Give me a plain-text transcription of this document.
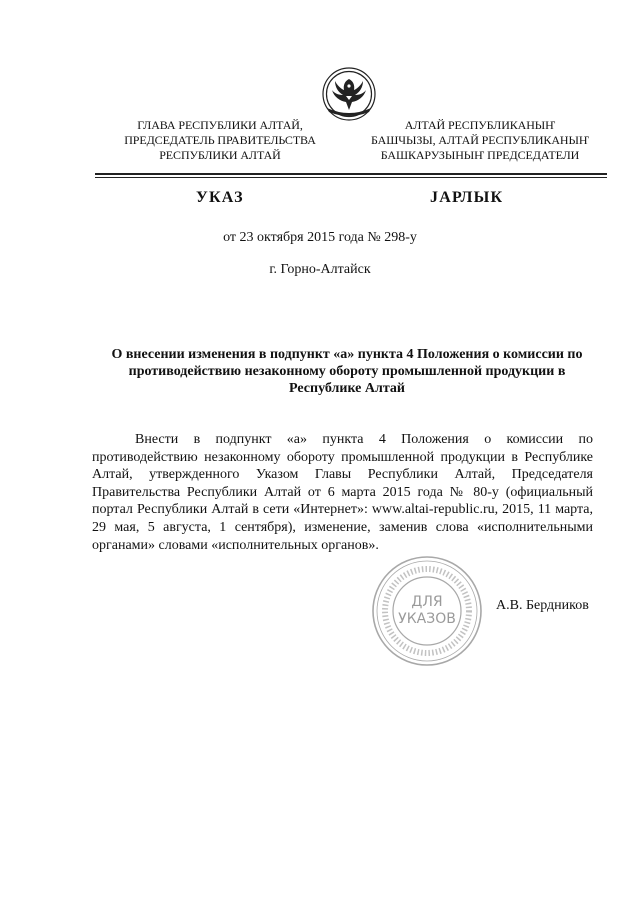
ГЛАВА РЕСПУБЛИКИ АЛТАЙ,
ПРЕДСЕДАТЕЛЬ ПРАВИТЕЛЬСТВА
РЕСПУБЛИКИ АЛТАЙ
АЛТАЙ РЕСПУБЛИКАНЫҤ
БАШЧЫЗЫ, АЛТАЙ РЕСПУБЛИКАНЫҤ
БАШКАРУЗЫНЫҤ ПРЕДСЕДАТЕЛИ
УКАЗ	JАРЛЫК
от 23 октября 2015 года № 298-у
г. Горно-Алтайск
О внесении изменения в подпункт «а» пункта 4 Положения о комиссии по противодействию незаконному обороту промышленной продукции в Республике Алтай

Внести в подпункт «а» пункта 4 Положения о комиссии по противодействию незаконному обороту промышленной продукции в Республике Алтай, утвержденного Указом Главы Республики Алтай, Председателя Правительства Республики Алтай от 6 марта 2015 года № 80-у (официальный портал Республики Алтай в сети «Интернет»: www.altai-republic.ru, 2015, 11 марта, 29 мая, 5 августа, 1 сентября), изменение, заменив слова «исполнительными органами» словами «исполнительных органов».

ДЛЯ
УКАЗОВ
А.В. Бердников
